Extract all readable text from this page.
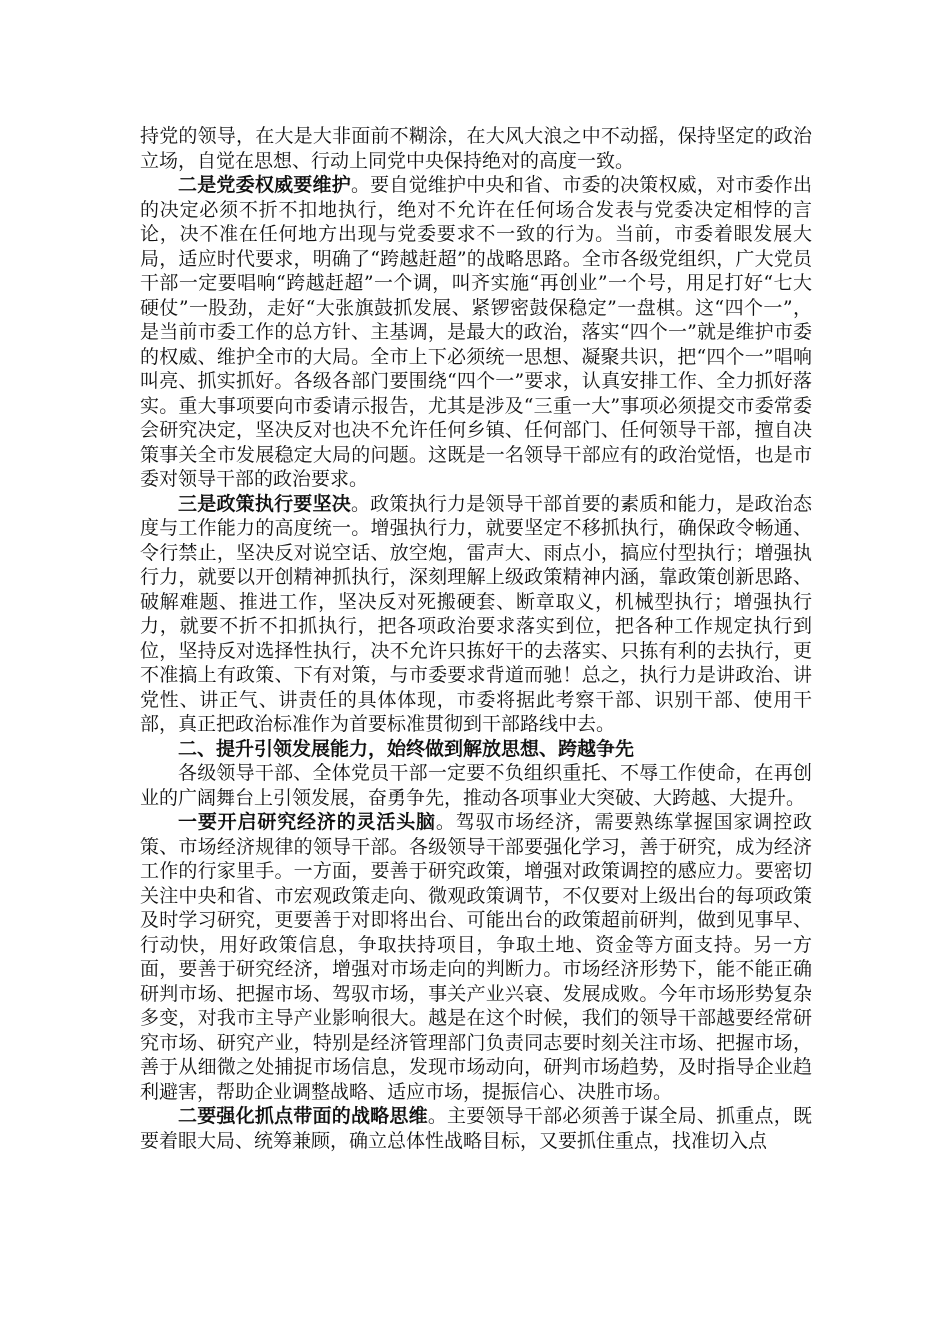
持党的领导，在大是大非面前不糊涂，在大风大浪之中不动摇，保持坚定的政治立场，自觉在思想、行动上同党中央保持绝对的高度一致。

二是党委权威要维护。要自觉维护中央和省、市委的决策权威，对市委作出的决定必须不折不扣地执行，绝对不允许在任何场合发表与党委决定相悖的言论，决不准在任何地方出现与党委要求不一致的行为。当前，市委着眼发展大局，适应时代要求，明确了“跨越赶超”的战略思路。全市各级党组织，广大党员干部一定要唱响“跨越赶超”一个调，叫齐实施“再创业”一个号，用足打好“七大硬仗”一股劲，走好“大张旗鼓抓发展、紧锣密鼓保稳定”一盘棋。这“四个一”，是当前市委工作的总方针、主基调，是最大的政治，落实“四个一”就是维护市委的权威、维护全市的大局。全市上下必须统一思想、凝聚共识，把“四个一”唱响叫亮、抓实抓好。各级各部门要围绕“四个一”要求，认真安排工作、全力抓好落实。重大事项要向市委请示报告，尤其是涉及“三重一大”事项必须提交市委常委会研究决定，坚决反对也决不允许任何乡镇、任何部门、任何领导干部，擅自决策事关全市发展稳定大局的问题。这既是一名领导干部应有的政治觉悟，也是市委对领导干部的政治要求。

三是政策执行要坚决。政策执行力是领导干部首要的素质和能力，是政治态度与工作能力的高度统一。增强执行力，就要坚定不移抓执行，确保政令畅通、令行禁止，坚决反对说空话、放空炮，雷声大、雨点小，搞应付型执行；增强执行力，就要以开创精神抓执行，深刻理解上级政策精神内涵，靠政策创新思路、破解难题、推进工作，坚决反对死搬硬套、断章取义，机械型执行；增强执行力，就要不折不扣抓执行，把各项政治要求落实到位，把各种工作规定执行到位，坚持反对选择性执行，决不允许只拣好干的去落实、只拣有利的去执行，更不准搞上有政策、下有对策，与市委要求背道而驰！总之，执行力是讲政治、讲党性、讲正气、讲责任的具体体现，市委将据此考察干部、识别干部、使用干部，真正把政治标准作为首要标准贯彻到干部路线中去。

二、提升引领发展能力，始终做到解放思想、跨越争先

各级领导干部、全体党员干部一定要不负组织重托、不辱工作使命，在再创业的广阔舞台上引领发展，奋勇争先，推动各项事业大突破、大跨越、大提升。

一要开启研究经济的灵活头脑。驾驭市场经济，需要熟练掌握国家调控政策、市场经济规律的领导干部。各级领导干部要强化学习，善于研究，成为经济工作的行家里手。一方面，要善于研究政策，增强对政策调控的感应力。要密切关注中央和省、市宏观政策走向、微观政策调节，不仅要对上级出台的每项政策及时学习研究，更要善于对即将出台、可能出台的政策超前研判，做到见事早、行动快，用好政策信息，争取扶持项目，争取土地、资金等方面支持。另一方面，要善于研究经济，增强对市场走向的判断力。市场经济形势下，能不能正确研判市场、把握市场、驾驭市场，事关产业兴衰、发展成败。今年市场形势复杂多变，对我市主导产业影响很大。越是在这个时候，我们的领导干部越要经常研究市场、研究产业，特别是经济管理部门负责同志要时刻关注市场、把握市场，善于从细微之处捕捉市场信息，发现市场动向，研判市场趋势，及时指导企业趋利避害，帮助企业调整战略、适应市场，提振信心、决胜市场。

二要强化抓点带面的战略思维。主要领导干部必须善于谋全局、抓重点，既要着眼大局、统筹兼顾，确立总体性战略目标，又要抓住重点，找准切入点
